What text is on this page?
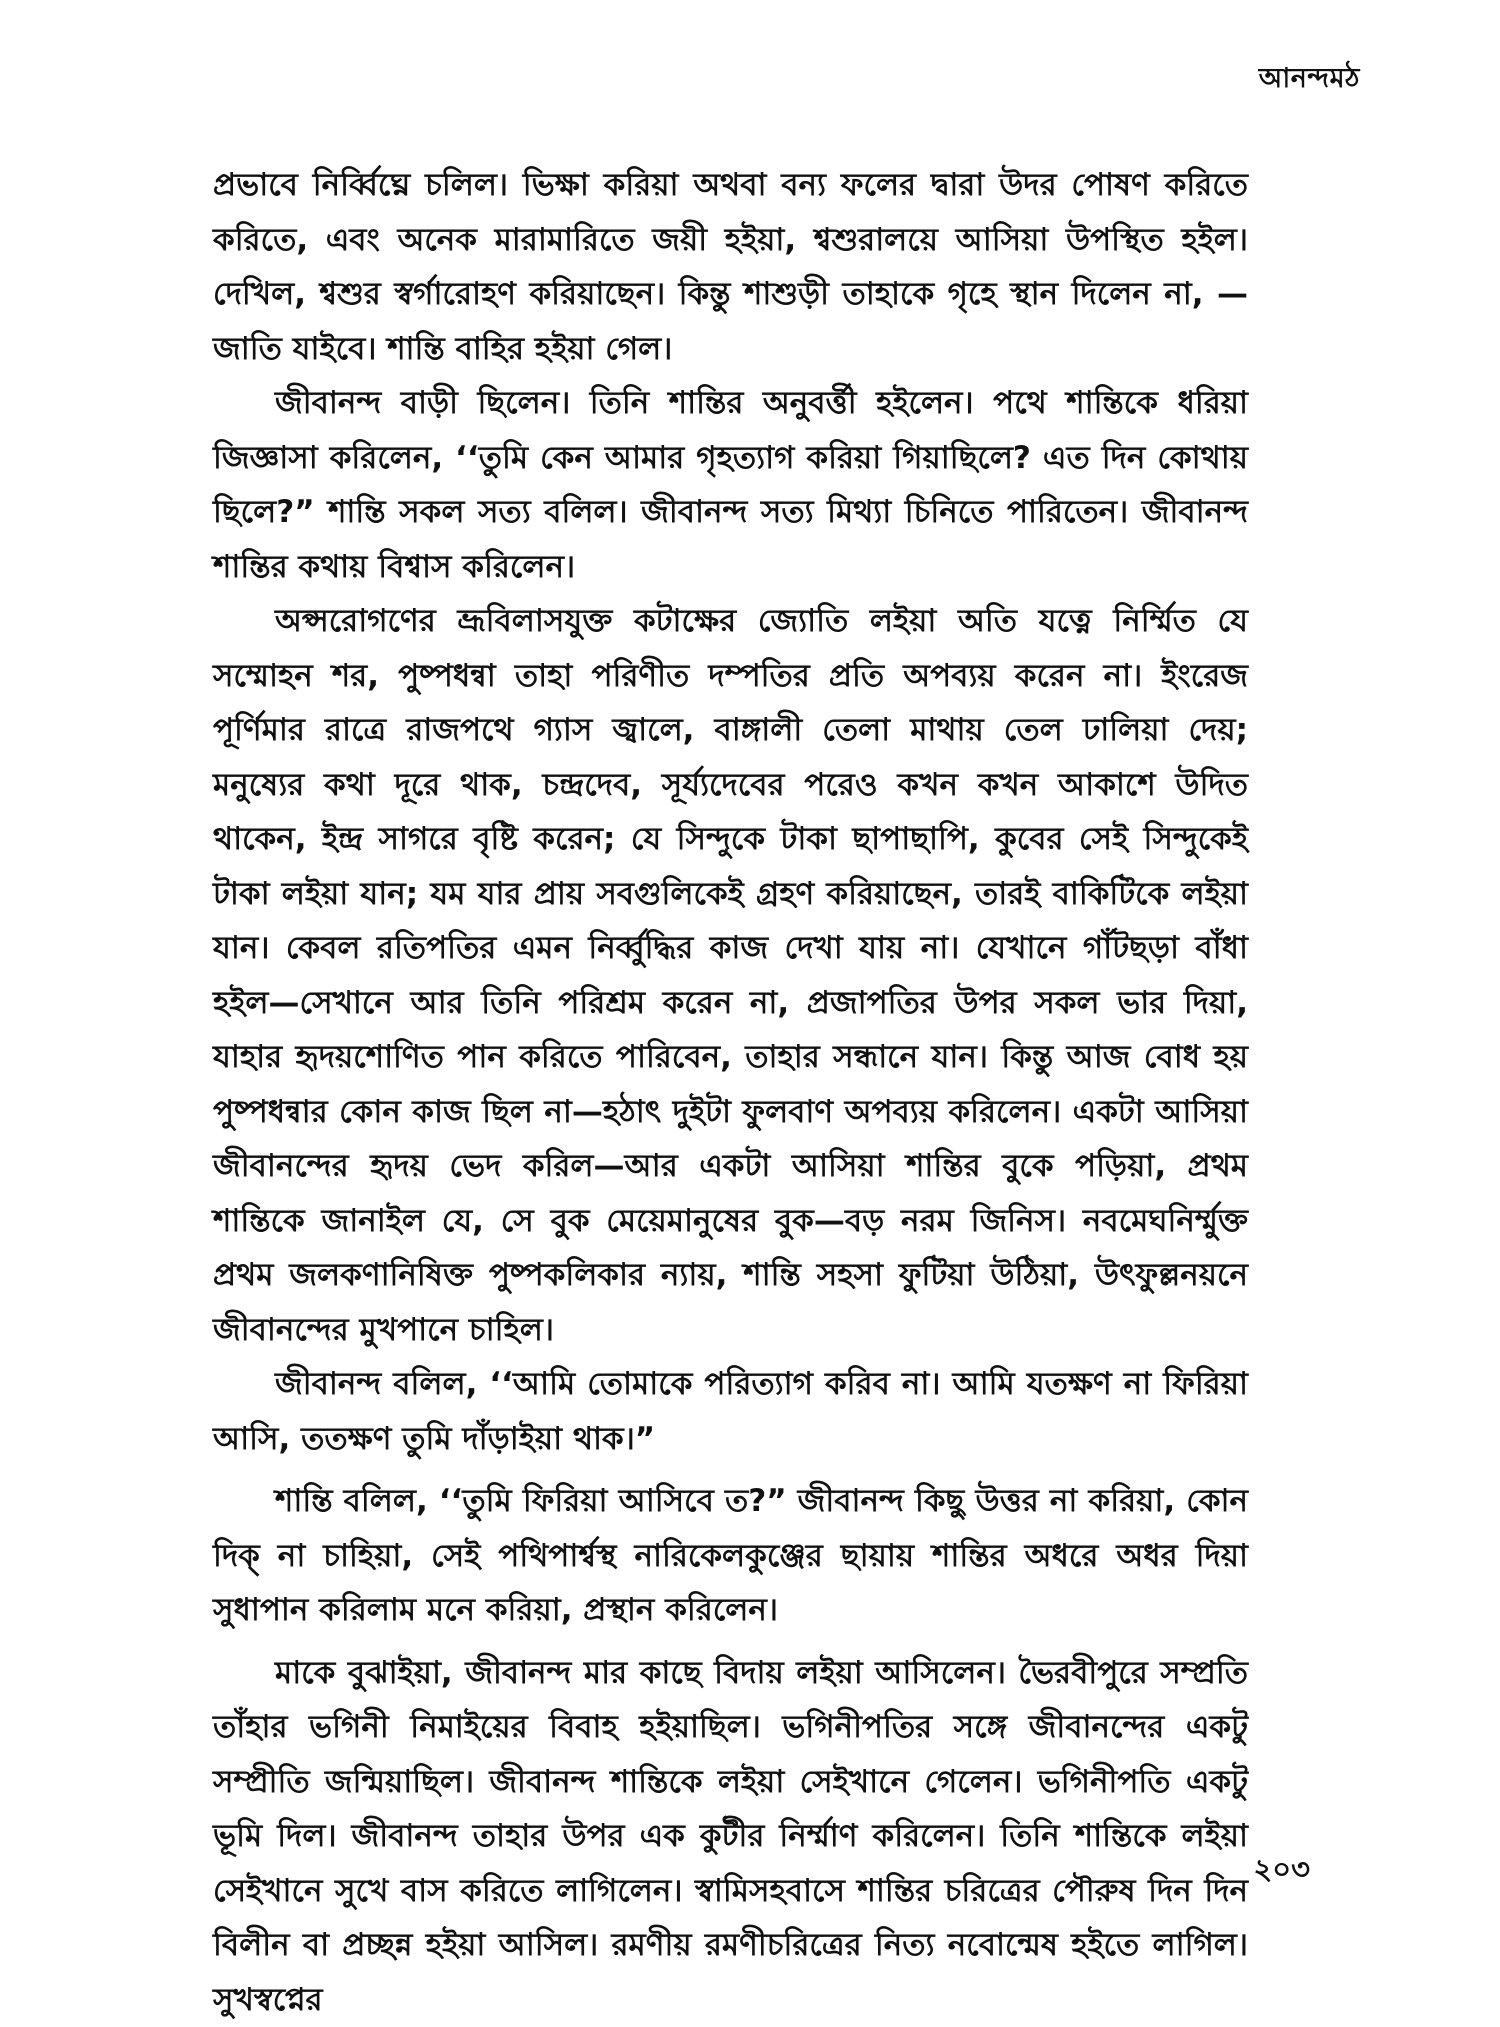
আনন্দমঠ

প্রভাবে নির্ব্বিঘ্নে চলিল। ভিক্ষা করিয়া অথবা বন্য ফলের দ্বারা উদর পোষণ করিতে করিতে, এবং অনেক মারামারিতে জয়ী হইয়া, শ্বশুরালয়ে আসিয়া উপস্থিত হইল। দেখিল, শ্বশুর স্বর্গারোহণ করিয়াছেন। কিন্তু শাশুড়ী তাহাকে গৃহে স্থান দিলেন না, —জাতি যাইবে। শান্তি বাহির হইয়া গেল।

জীবানন্দ বাড়ী ছিলেন। তিনি শান্তির অনুবর্ত্তী হইলেন। পথে শান্তিকে ধরিয়া জিজ্ঞাসা করিলেন, ‘‘তুমি কেন আমার গৃহত্যাগ করিয়া গিয়াছিলে? এত দিন কোথায় ছিলে?” শান্তি সকল সত্য বলিল। জীবানন্দ সত্য মিথ্যা চিনিতে পারিতেন। জীবানন্দ শান্তির কথায় বিশ্বাস করিলেন।

অপ্সরোগণের ভ্রূবিলাসযুক্ত কটাক্ষের জ্যোতি লইয়া অতি যত্নে নির্ম্মিত যে সম্মোহন শর, পুষ্পধন্বা তাহা পরিণীত দম্পতির প্রতি অপব্যয় করেন না। ইংরেজ পূর্ণিমার রাত্রে রাজপথে গ্যাস জ্বালে, বাঙ্গালী তেলা মাথায় তেল ঢালিয়া দেয়; মনুষ্যের কথা দূরে থাক, চন্দ্রদেব, সূর্য্যদেবের পরেও কখন কখন আকাশে উদিত থাকেন, ইন্দ্র সাগরে বৃষ্টি করেন; যে সিন্দুকে টাকা ছাপাছাপি, কুবের সেই সিন্দুকেই টাকা লইয়া যান; যম যার প্রায় সবগুলিকেই গ্রহণ করিয়াছেন, তারই বাকিটিকে লইয়া যান। কেবল রতিপতির এমন নির্ব্বুদ্ধির কাজ দেখা যায় না। যেখানে গাঁটছড়া বাঁধা হইল—সেখানে আর তিনি পরিশ্রম করেন না, প্রজাপতির উপর সকল ভার দিয়া, যাহার হৃদয়শোণিত পান করিতে পারিবেন, তাহার সন্ধানে যান। কিন্তু আজ বোধ হয় পুষ্পধন্বার কোন কাজ ছিল না—হঠাৎ দুইটা ফুলবাণ অপব্যয় করিলেন। একটা আসিয়া জীবানন্দের হৃদয় ভেদ করিল—আর একটা আসিয়া শান্তির বুকে পড়িয়া, প্রথম শান্তিকে জানাইল যে, সে বুক মেয়েমানুষের বুক—বড় নরম জিনিস। নবমেঘনির্ম্মুক্ত প্রথম জলকণানিষিক্ত পুষ্পকলিকার ন্যায়, শান্তি সহসা ফুটিয়া উঠিয়া, উৎফুল্লনয়নে জীবানন্দের মুখপানে চাহিল।

জীবানন্দ বলিল, ‘‘আমি তোমাকে পরিত্যাগ করিব না। আমি যতক্ষণ না ফিরিয়া আসি, ততক্ষণ তুমি দাঁড়াইয়া থাক।”

শান্তি বলিল, ‘‘তুমি ফিরিয়া আসিবে ত?” জীবানন্দ কিছু উত্তর না করিয়া, কোন দিক্ না চাহিয়া, সেই পথিপার্শ্বস্থ নারিকেলকুঞ্জের ছায়ায় শান্তির অধরে অধর দিয়া সুধাপান করিলাম মনে করিয়া, প্রস্থান করিলেন।

মাকে বুঝাইয়া, জীবানন্দ মার কাছে বিদায় লইয়া আসিলেন। ভৈরবীপুরে সম্প্রতি তাঁহার ভগিনী নিমাইয়ের বিবাহ হইয়াছিল। ভগিনীপতির সঙ্গে জীবানন্দের একটু সম্প্রীতি জন্মিয়াছিল। জীবানন্দ শান্তিকে লইয়া সেইখানে গেলেন। ভগিনীপতি একটু ভূমি দিল। জীবানন্দ তাহার উপর এক কুটীর নির্ম্মাণ করিলেন। তিনি শান্তিকে লইয়া সেইখানে সুখে বাস করিতে লাগিলেন। স্বামিসহবাসে শান্তির চরিত্রের পৌরুষ দিন দিন বিলীন বা প্রচ্ছন্ন হইয়া আসিল। রমণীয় রমণীচরিত্রের নিত্য নবোন্মেষ হইতে লাগিল। সুখস্বপ্নের

২০৩
